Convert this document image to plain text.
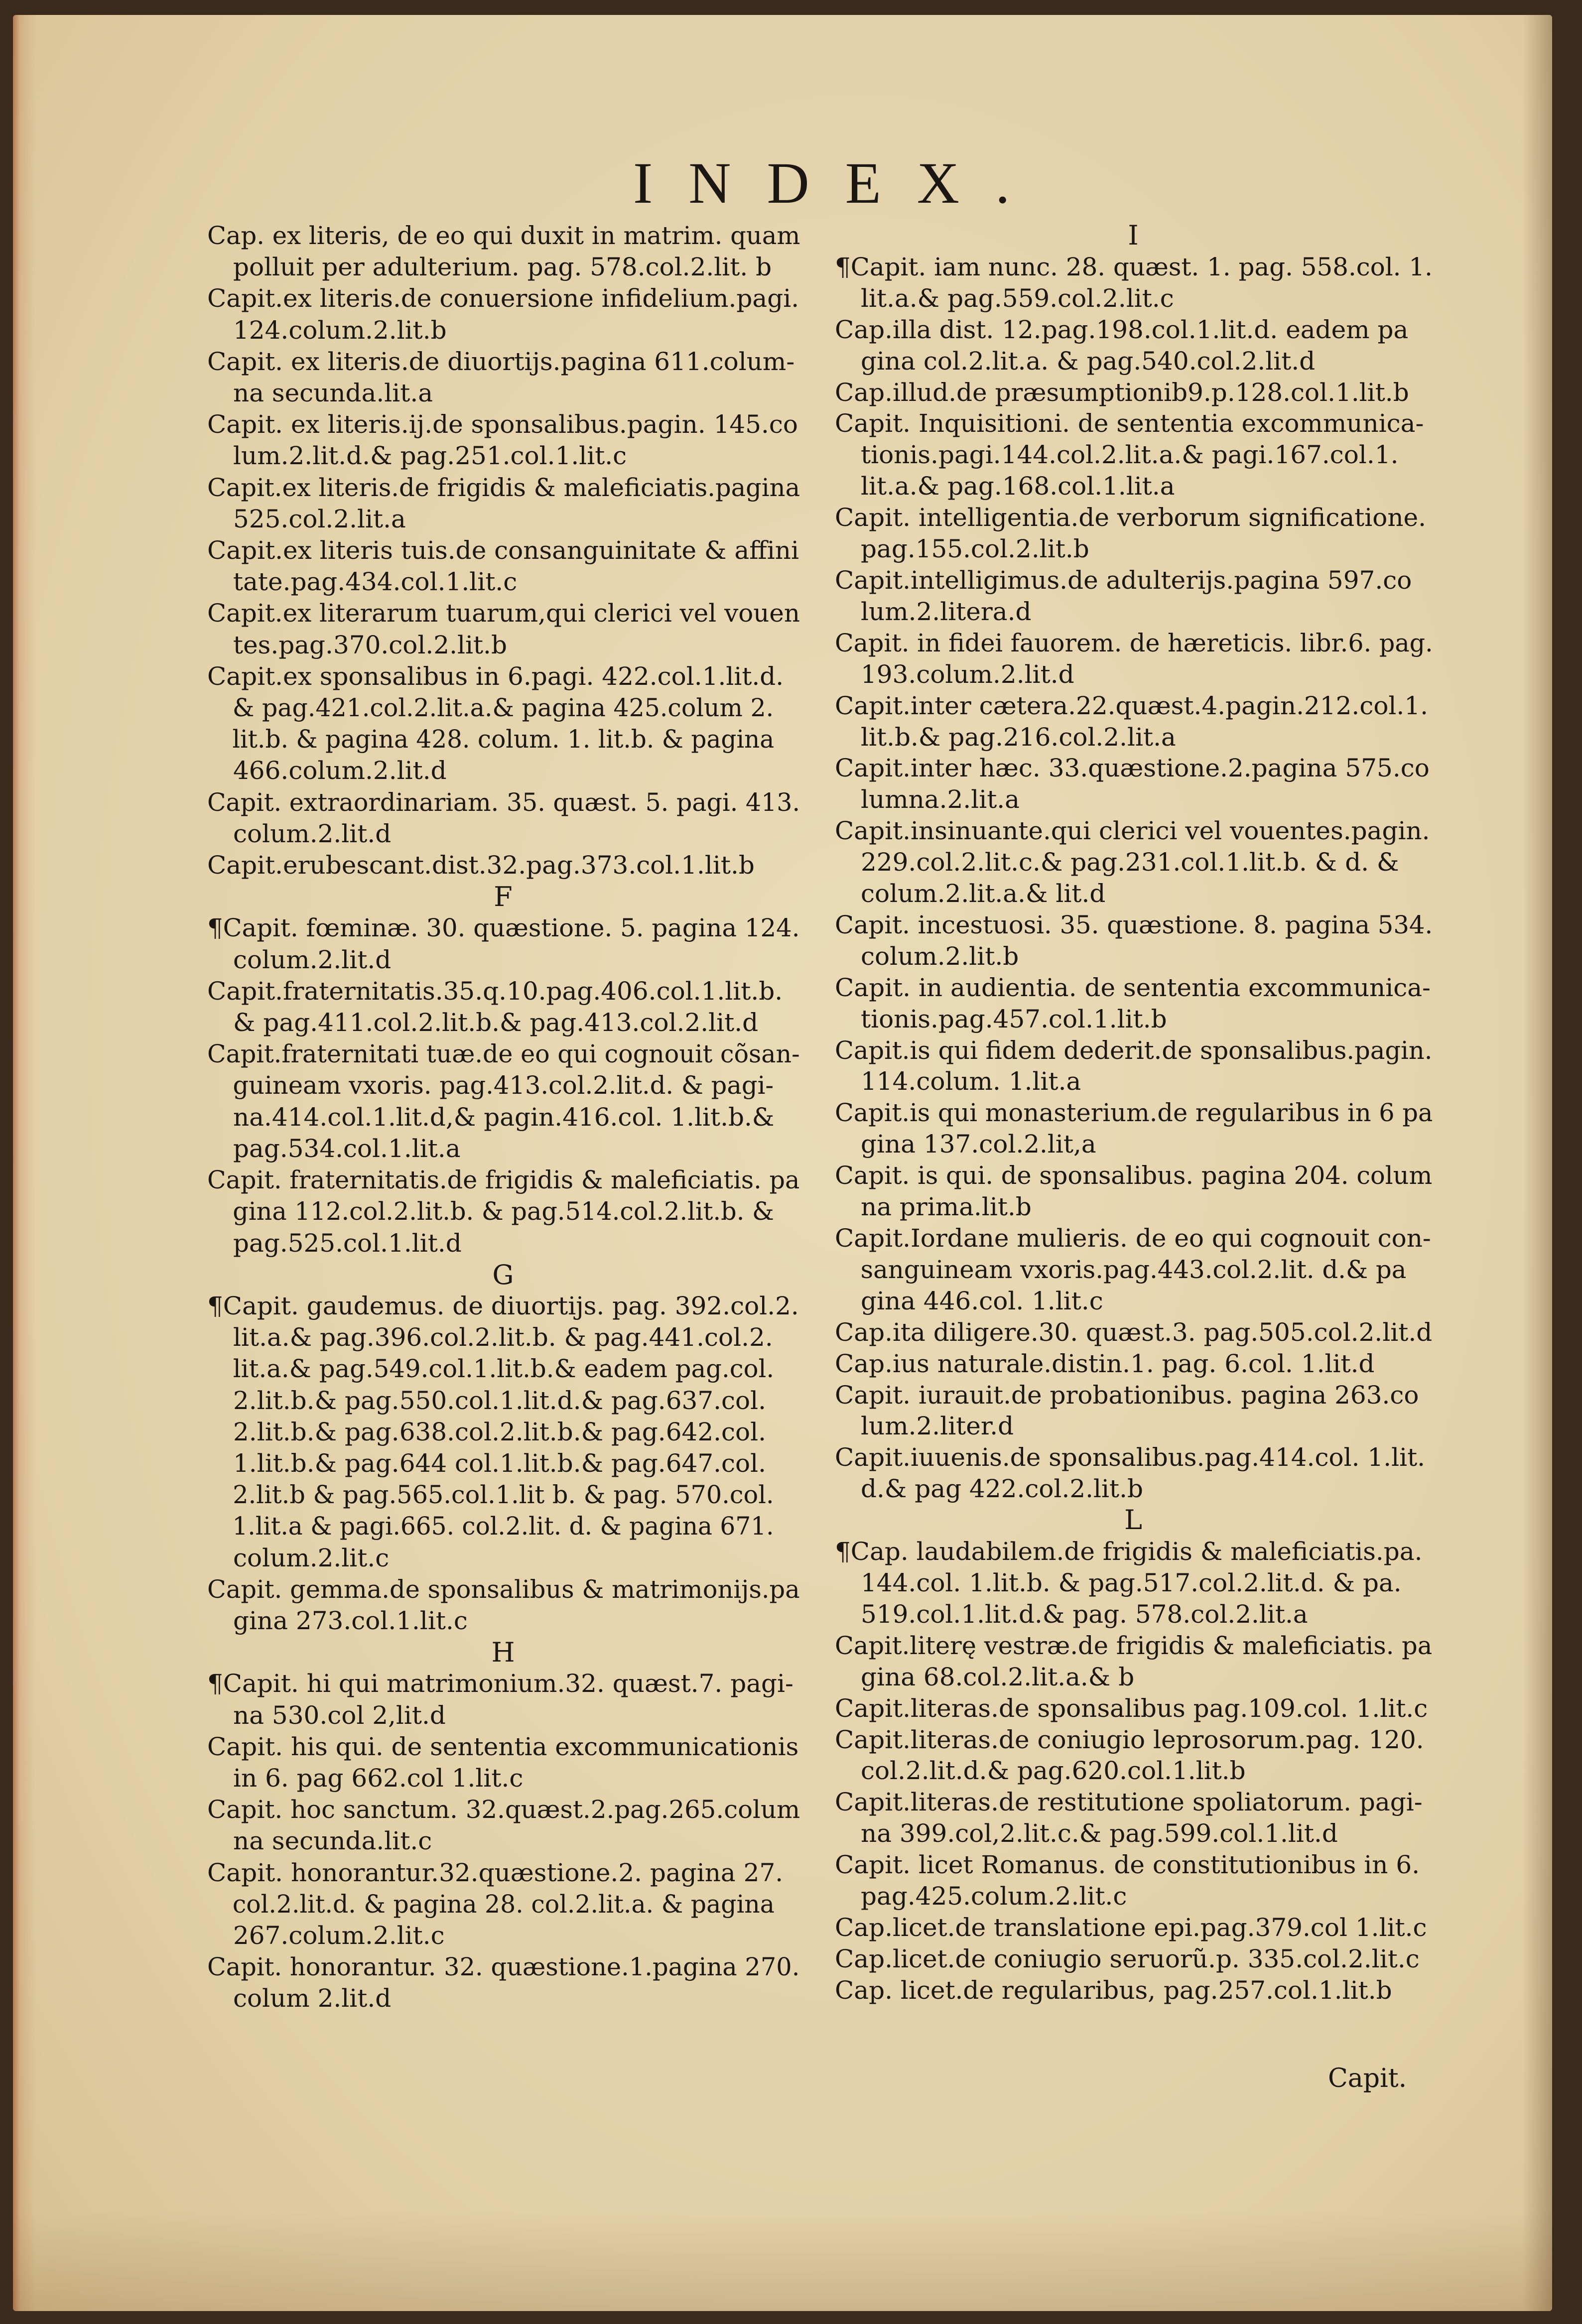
INDEX.
Cap. ex literis, de eo qui duxit in matrim. quam
polluit per adulterium. pag. 578.col.2.lit. b
Capit.ex literis.de conuersione infidelium.pagi.
124.colum.2.lit.b
Capit. ex literis.de diuortijs.pagina 611.colum-
na secunda.lit.a
Capit. ex literis.ij.de sponsalibus.pagin. 145.co
lum.2.lit.d.& pag.251.col.1.lit.c
Capit.ex literis.de frigidis & maleficiatis.pagina
525.col.2.lit.a
Capit.ex literis tuis.de consanguinitate & affini
tate.pag.434.col.1.lit.c
Capit.ex literarum tuarum,qui clerici vel vouen
tes.pag.370.col.2.lit.b
Capit.ex sponsalibus in 6.pagi. 422.col.1.lit.d.
& pag.421.col.2.lit.a.& pagina 425.colum 2.
lit.b. & pagina 428. colum. 1. lit.b. & pagina
466.colum.2.lit.d
Capit. extraordinariam. 35. quæst. 5. pagi. 413.
colum.2.lit.d
Capit.erubescant.dist.32.pag.373.col.1.lit.b
F
¶Capit. fœminæ. 30. quæstione. 5. pagina 124.
colum.2.lit.d
Capit.fraternitatis.35.q.10.pag.406.col.1.lit.b.
& pag.411.col.2.lit.b.& pag.413.col.2.lit.d
Capit.fraternitati tuæ.de eo qui cognouit cõsan-
guineam vxoris. pag.413.col.2.lit.d. & pagi-
na.414.col.1.lit.d,& pagin.416.col. 1.lit.b.&
pag.534.col.1.lit.a
Capit. fraternitatis.de frigidis & maleficiatis. pa
gina 112.col.2.lit.b. & pag.514.col.2.lit.b. &
pag.525.col.1.lit.d
G
¶Capit. gaudemus. de diuortijs. pag. 392.col.2.
lit.a.& pag.396.col.2.lit.b. & pag.441.col.2.
lit.a.& pag.549.col.1.lit.b.& eadem pag.col.
2.lit.b.& pag.550.col.1.lit.d.& pag.637.col.
2.lit.b.& pag.638.col.2.lit.b.& pag.642.col.
1.lit.b.& pag.644 col.1.lit.b.& pag.647.col.
2.lit.b & pag.565.col.1.lit b. & pag. 570.col.
1.lit.a & pagi.665. col.2.lit. d. & pagina 671.
colum.2.lit.c
Capit. gemma.de sponsalibus & matrimonijs.pa
gina 273.col.1.lit.c
H
¶Capit. hi qui matrimonium.32. quæst.7. pagi-
na 530.col 2,lit.d
Capit. his qui. de sententia excommunicationis
in 6. pag 662.col 1.lit.c
Capit. hoc sanctum. 32.quæst.2.pag.265.colum
na secunda.lit.c
Capit. honorantur.32.quæstione.2. pagina 27.
col.2.lit.d. & pagina 28. col.2.lit.a. & pagina
267.colum.2.lit.c
Capit. honorantur. 32. quæstione.1.pagina 270.
colum 2.lit.d
I
¶Capit. iam nunc. 28. quæst. 1. pag. 558.col. 1.
lit.a.& pag.559.col.2.lit.c
Cap.illa dist. 12.pag.198.col.1.lit.d. eadem pa
gina col.2.lit.a. & pag.540.col.2.lit.d
Cap.illud.de præsumptionib9.p.128.col.1.lit.b
Capit. Inquisitioni. de sententia excommunica-
tionis.pagi.144.col.2.lit.a.& pagi.167.col.1.
lit.a.& pag.168.col.1.lit.a
Capit. intelligentia.de verborum significatione.
pag.155.col.2.lit.b
Capit.intelligimus.de adulterijs.pagina 597.co
lum.2.litera.d
Capit. in fidei fauorem. de hæreticis. libr.6. pag.
193.colum.2.lit.d
Capit.inter cætera.22.quæst.4.pagin.212.col.1.
lit.b.& pag.216.col.2.lit.a
Capit.inter hæc. 33.quæstione.2.pagina 575.co
lumna.2.lit.a
Capit.insinuante.qui clerici vel vouentes.pagin.
229.col.2.lit.c.& pag.231.col.1.lit.b. & d. &
colum.2.lit.a.& lit.d
Capit. incestuosi. 35. quæstione. 8. pagina 534.
colum.2.lit.b
Capit. in audientia. de sententia excommunica-
tionis.pag.457.col.1.lit.b
Capit.is qui fidem dederit.de sponsalibus.pagin.
114.colum. 1.lit.a
Capit.is qui monasterium.de regularibus in 6 pa
gina 137.col.2.lit,a
Capit. is qui. de sponsalibus. pagina 204. colum
na prima.lit.b
Capit.Iordane mulieris. de eo qui cognouit con-
sanguineam vxoris.pag.443.col.2.lit. d.& pa
gina 446.col. 1.lit.c
Cap.ita diligere.30. quæst.3. pag.505.col.2.lit.d
Cap.ius naturale.distin.1. pag. 6.col. 1.lit.d
Capit. iurauit.de probationibus. pagina 263.co
lum.2.liter.d
Capit.iuuenis.de sponsalibus.pag.414.col. 1.lit.
d.& pag 422.col.2.lit.b
L
¶Cap. laudabilem.de frigidis & maleficiatis.pa.
144.col. 1.lit.b. & pag.517.col.2.lit.d. & pa.
519.col.1.lit.d.& pag. 578.col.2.lit.a
Capit.literę vestræ.de frigidis & maleficiatis. pa
gina 68.col.2.lit.a.& b
Capit.literas.de sponsalibus pag.109.col. 1.lit.c
Capit.literas.de coniugio leprosorum.pag. 120.
col.2.lit.d.& pag.620.col.1.lit.b
Capit.literas.de restitutione spoliatorum. pagi-
na 399.col,2.lit.c.& pag.599.col.1.lit.d
Capit. licet Romanus. de constitutionibus in 6.
pag.425.colum.2.lit.c
Cap.licet.de translatione epi.pag.379.col 1.lit.c
Cap.licet.de coniugio seruorũ.p. 335.col.2.lit.c
Cap. licet.de regularibus, pag.257.col.1.lit.b
Capit.
